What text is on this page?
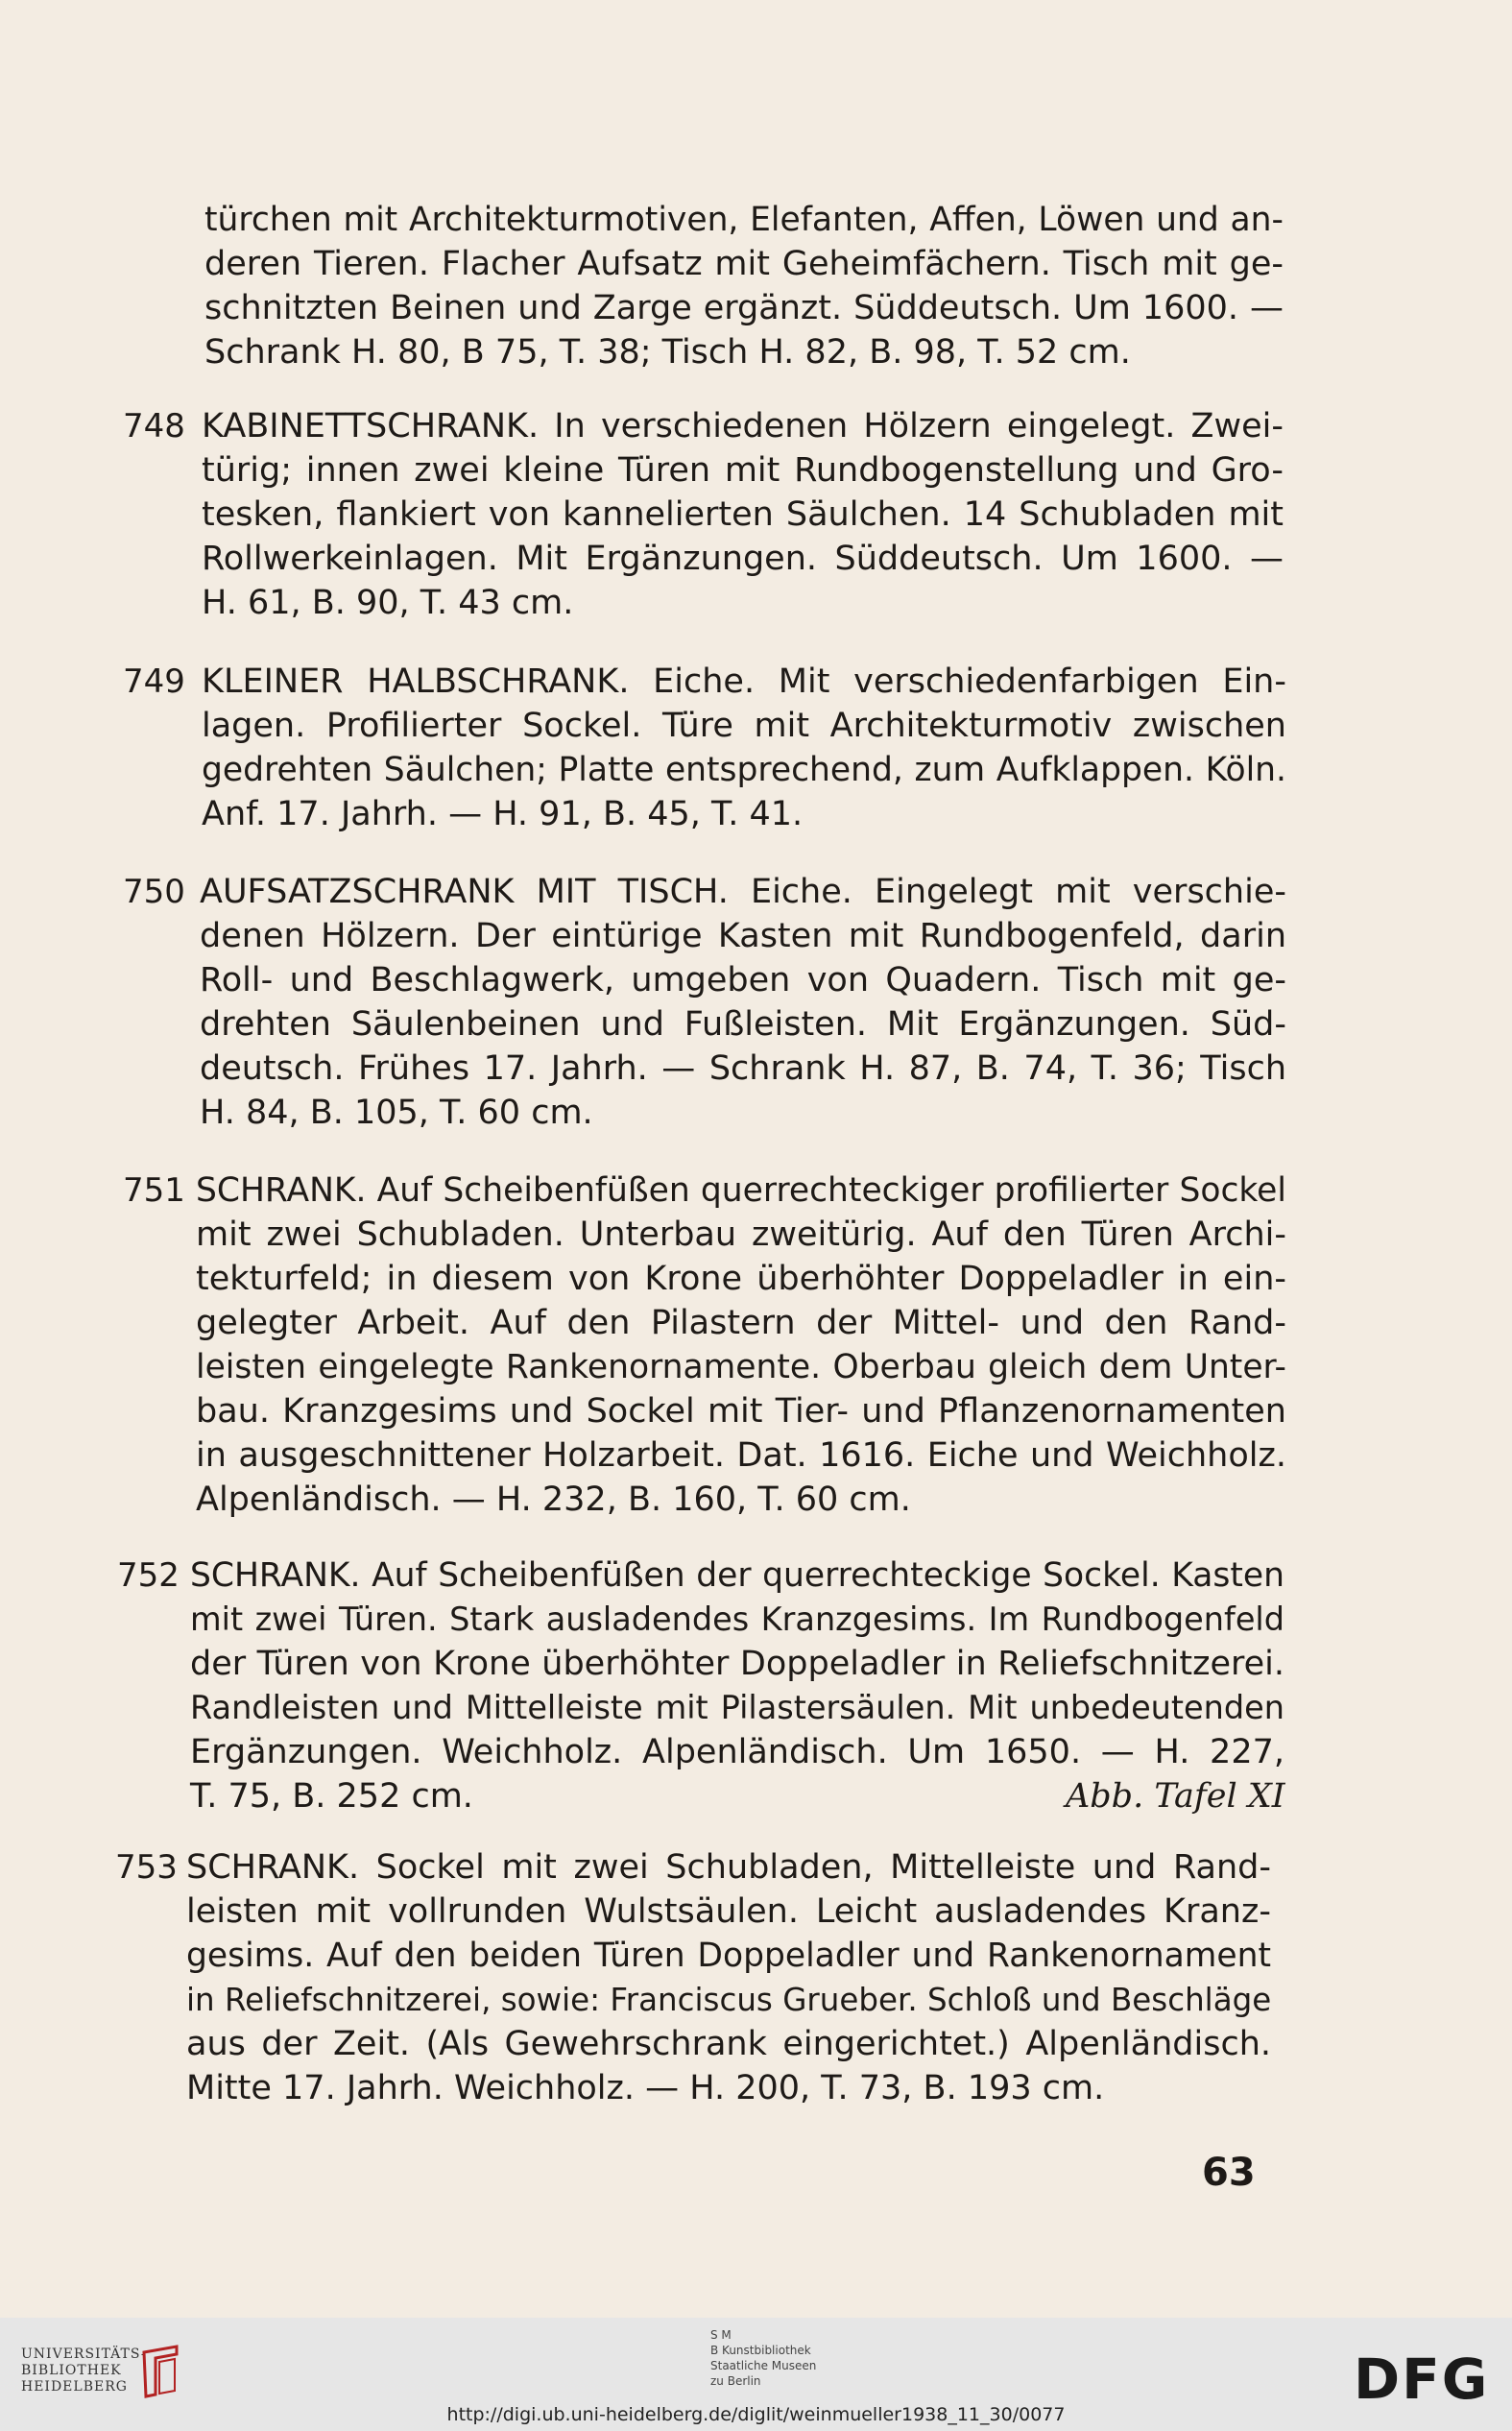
türchen mit Architekturmotiven, Elefanten, Affen, Löwen und an-
deren Tieren. Flacher Aufsatz mit Geheimfächern. Tisch mit ge-
schnitzten Beinen und Zarge ergänzt. Süddeutsch. Um 1600. —
Schrank H. 80, B 75, T. 38; Tisch H. 82, B. 98, T. 52 cm.
748 KABINETTSCHRANK. In verschiedenen Hölzern eingelegt. Zwei-
türig; innen zwei kleine Türen mit Rundbogenstellung und Gro-
tesken, flankiert von kannelierten Säulchen. 14 Schubladen mit
Rollwerkeinlagen. Mit Ergänzungen. Süddeutsch. Um 1600. —
H. 61, B. 90, T. 43 cm.
749 KLEINER HALBSCHRANK. Eiche. Mit verschiedenfarbigen Ein-
lagen. Profilierter Sockel. Türe mit Architekturmotiv zwischen
gedrehten Säulchen; Platte entsprechend, zum Aufklappen. Köln.
Anf. 17. Jahrh. — H. 91, B. 45, T. 41.
750 AUFSATZSCHRANK MIT TISCH. Eiche. Eingelegt mit verschie-
denen Hölzern. Der eintürige Kasten mit Rundbogenfeld, darin
Roll- und Beschlagwerk, umgeben von Quadern. Tisch mit ge-
drehten Säulenbeinen und Fußleisten. Mit Ergänzungen. Süd-
deutsch. Frühes 17. Jahrh. — Schrank H. 87, B. 74, T. 36; Tisch
H. 84, B. 105, T. 60 cm.
751 SCHRANK. Auf Scheibenfüßen querrechteckiger profilierter Sockel
mit zwei Schubladen. Unterbau zweitürig. Auf den Türen Archi-
tekturfeld; in diesem von Krone überhöhter Doppeladler in ein-
gelegter Arbeit. Auf den Pilastern der Mittel- und den Rand-
leisten eingelegte Rankenornamente. Oberbau gleich dem Unter-
bau. Kranzgesims und Sockel mit Tier- und Pflanzenornamenten
in ausgeschnittener Holzarbeit. Dat. 1616. Eiche und Weichholz.
Alpenländisch. — H. 232, B. 160, T. 60 cm.
752 SCHRANK. Auf Scheibenfüßen der querrechteckige Sockel. Kasten
mit zwei Türen. Stark ausladendes Kranzgesims. Im Rundbogenfeld
der Türen von Krone überhöhter Doppeladler in Reliefschnitzerei.
Randleisten und Mittelleiste mit Pilastersäulen. Mit unbedeutenden
Ergänzungen. Weichholz. Alpenländisch. Um 1650. — H. 227,
T. 75, B. 252 cm.	Abb. Tafel XI
753 SCHRANK. Sockel mit zwei Schubladen, Mittelleiste und Rand-
leisten mit vollrunden Wulstsäulen. Leicht ausladendes Kranz-
gesims. Auf den beiden Türen Doppeladler und Rankenornament
in Reliefschnitzerei, sowie: Franciscus Grueber. Schloß und Beschläge
aus der Zeit. (Als Gewehrschrank eingerichtet.) Alpenländisch.
Mitte 17. Jahrh. Weichholz. — H. 200, T. 73, B. 193 cm.
63
UNIVERSITÄTS-
BIBLIOTHEK
HEIDELBERG
S M
B Kunstbibliothek
Staatliche Museen
zu Berlin	DFG
http://digi.ub.uni-heidelberg.de/diglit/weinmueller1938_11_30/0077
